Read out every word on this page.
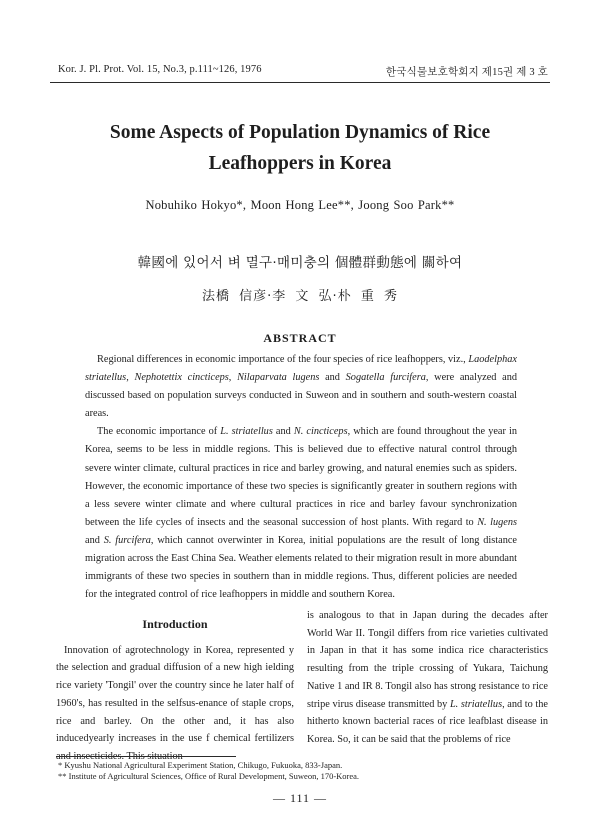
Kor. J. Pl. Prot. Vol. 15, No.3, p.111~126, 1976	한국식물보호학회지 제15권 제 3 호
Some Aspects of Population Dynamics of Rice
Leafhoppers in Korea
Nobuhiko Hokyo*, Moon Hong Lee**, Joong Soo Park**
韓國에 있어서 벼 멸구·매미충의 個體群動態에 關하여
法橋 信彦·李 文 弘·朴 重 秀
ABSTRACT

Regional differences in economic importance of the four species of rice leafhoppers, viz., Laodelphax striatellus, Nephotettix cincticeps, Nilaparvata lugens and Sogatella furcifera, were analyzed and discussed based on population surveys conducted in Suweon and in southern and south-western coastal areas.

The economic importance of L. striatellus and N. cincticeps, which are found throughout the year in Korea, seems to be less in middle regions. This is believed due to effective natural control through severe winter climate, cultural practices in rice and barley growing, and natural enemies such as spiders. However, the economic importance of these two species is significantly greater in southern regions with a less severe winter climate and where cultural practices in rice and barley favour synchronization between the life cycles of insects and the seasonal succession of host plants. With regard to N. lugens and S. furcifera, which cannot overwinter in Korea, initial populations are the result of long distance migration across the East China Sea. Weather elements related to their migration result in more abundant immigrants of these two species in southern than in middle regions. Thus, different policies are needed for the integrated control of rice leafhoppers in middle and southern Korea.

Introduction

Innovation of agrotechnology in Korea, represented y the selection and gradual diffusion of a new high ielding rice variety 'Tongil' over the country since he later half of 1960's, has resulted in the selfsus-enance of staple crops, rice and barley. On the other and, it has also inducedyearly increases in the use f chemical fertilizers and insecticides. This situation

is analogous to that in Japan during the decades after World War II. Tongil differs from rice varieties cultivated in Japan in that it has some indica rice characteristics resulting from the triple crossing of Yukara, Taichung Native 1 and IR 8. Tongil also has strong resistance to rice stripe virus disease transmitted by L. striatellus, and to the hitherto known bacterial races of rice leafblast disease in Korea. So, it can be said that the problems of rice

* Kyushu National Agricultural Experiment Station, Chikugo, Fukuoka, 833-Japan.
** Institute of Agricultural Sciences, Office of Rural Development, Suweon, 170-Korea.
— 111 —
